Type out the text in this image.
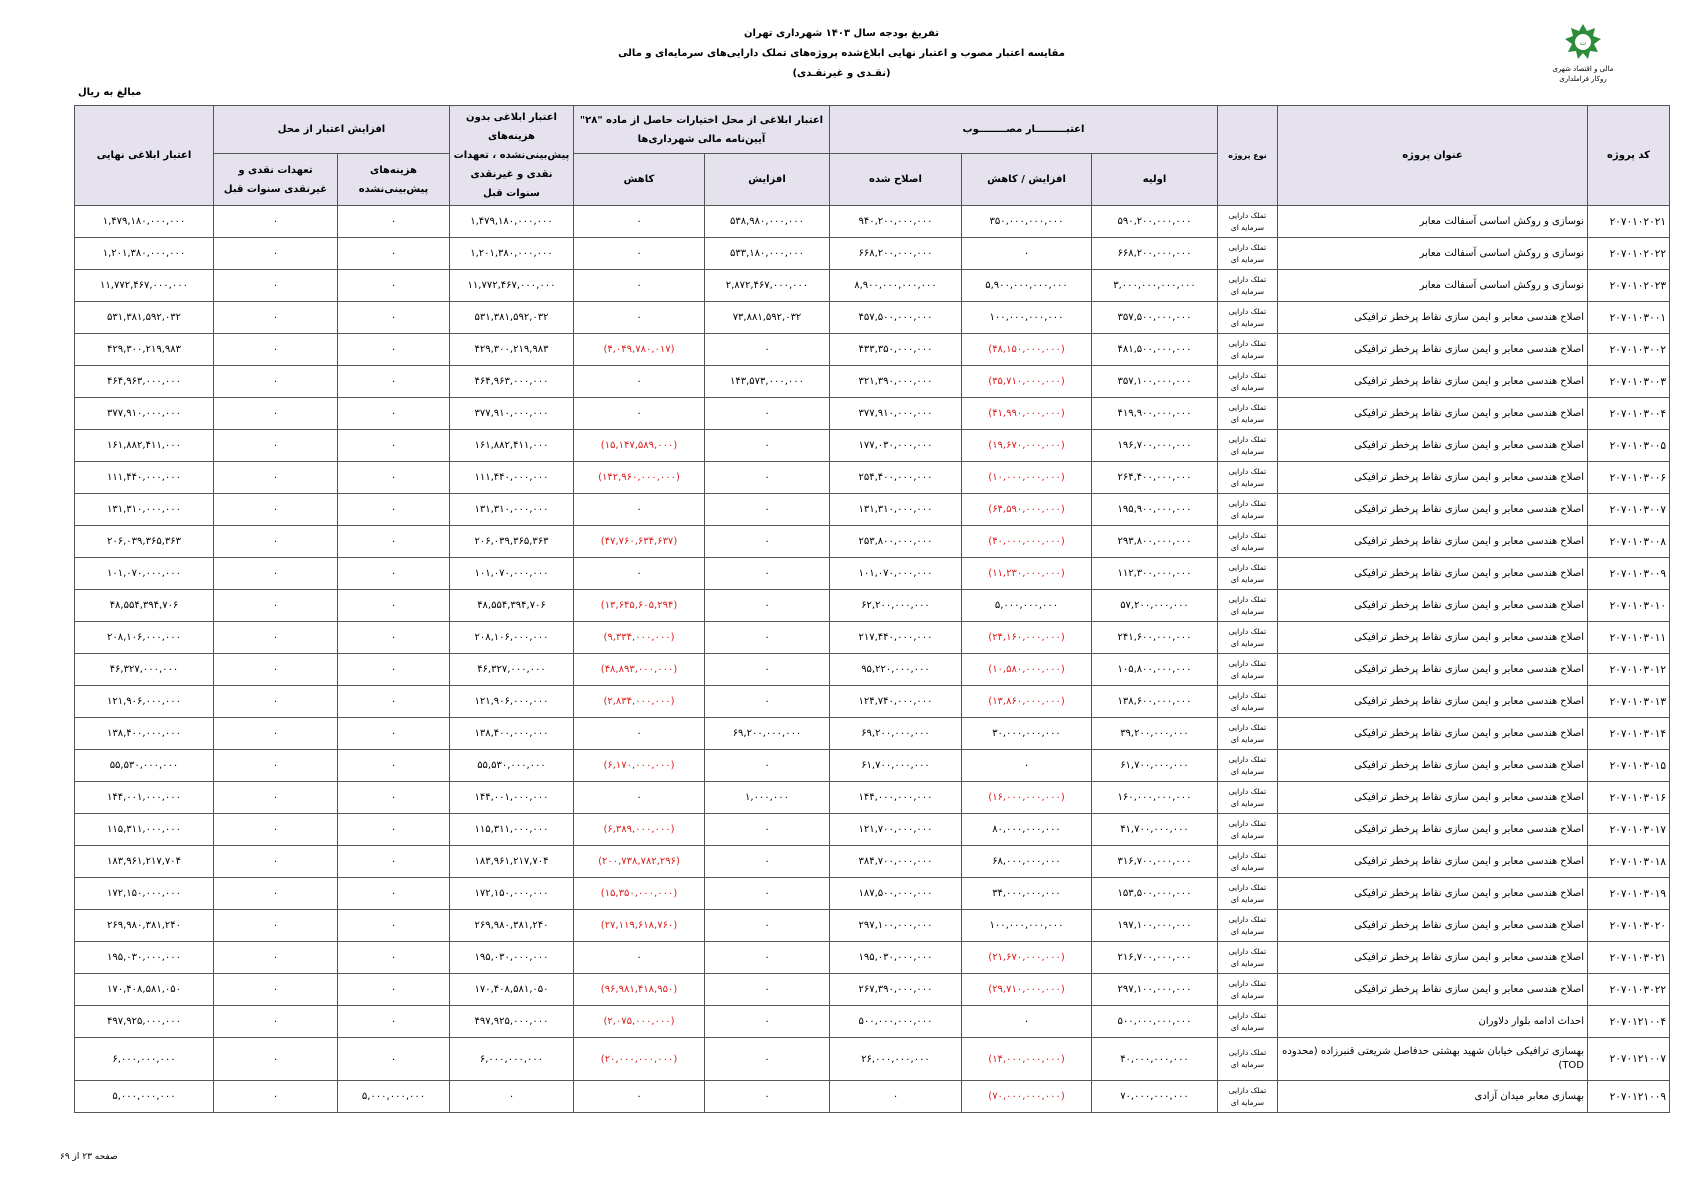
ت
مالی و اقتصاد شهری
روکار فراملداری
تفریغ بودجه سال ۱۴۰۳ شهرداری تهران
مقایسه اعتبار مصوب و اعتبار نهایی ابلاغ‌شده پروژه‌های تملک دارایی‌های سرمایه‌ای و مالی
(نقـدی و غیرنقـدی)
مبالغ به ریال
کد پروژه	عنوان پروژه	نوع پروژه	اعتبـــــــــار مصــــــــوب			اعتبار ابلاغی از محل اختیارات حاصل از ماده "۲۸" آیین‌نامه مالی شهرداری‌ها		اعتبار ابلاغی بدون هزینه‌های پیش‌بینی‌نشده ، تعهدات نقدی و غیرنقدی سنوات قبل	افزایش اعتبار از محل		اعتبار ابلاغی نهایی
			اولیه	افزایش / کاهش	اصلاح شده	افزایش	کاهش		هزینه‌های پیش‌بینی‌نشده	تعهدات نقدی و غیرنقدی سنوات قبل	
۲۰۷۰۱۰۲۰۲۱	نوسازی و روکش اساسی آسفالت معابر	تملک دارایی سرمایه ای	۵۹۰,۲۰۰,۰۰۰,۰۰۰	۳۵۰,۰۰۰,۰۰۰,۰۰۰	۹۴۰,۲۰۰,۰۰۰,۰۰۰	۵۳۸,۹۸۰,۰۰۰,۰۰۰	۰	۱,۴۷۹,۱۸۰,۰۰۰,۰۰۰	۰	۰	۱,۴۷۹,۱۸۰,۰۰۰,۰۰۰
۲۰۷۰۱۰۲۰۲۲	نوسازی و روکش اساسی آسفالت معابر	تملک دارایی سرمایه ای	۶۶۸,۲۰۰,۰۰۰,۰۰۰	۰	۶۶۸,۲۰۰,۰۰۰,۰۰۰	۵۳۳,۱۸۰,۰۰۰,۰۰۰	۰	۱,۲۰۱,۳۸۰,۰۰۰,۰۰۰	۰	۰	۱,۲۰۱,۳۸۰,۰۰۰,۰۰۰
۲۰۷۰۱۰۲۰۲۳	نوسازی و روکش اساسی آسفالت معابر	تملک دارایی سرمایه ای	۳,۰۰۰,۰۰۰,۰۰۰,۰۰۰	۵,۹۰۰,۰۰۰,۰۰۰,۰۰۰	۸,۹۰۰,۰۰۰,۰۰۰,۰۰۰	۲,۸۷۲,۴۶۷,۰۰۰,۰۰۰	۰	۱۱,۷۷۲,۴۶۷,۰۰۰,۰۰۰	۰	۰	۱۱,۷۷۲,۴۶۷,۰۰۰,۰۰۰
۲۰۷۰۱۰۳۰۰۱	اصلاح هندسی معابر و ایمن سازی نقاط پرخطر ترافیکی	تملک دارایی سرمایه ای	۳۵۷,۵۰۰,۰۰۰,۰۰۰	۱۰۰,۰۰۰,۰۰۰,۰۰۰	۴۵۷,۵۰۰,۰۰۰,۰۰۰	۷۳,۸۸۱,۵۹۲,۰۳۲	۰	۵۳۱,۳۸۱,۵۹۲,۰۳۲	۰	۰	۵۳۱,۳۸۱,۵۹۲,۰۳۲
۲۰۷۰۱۰۳۰۰۲	اصلاح هندسی معابر و ایمن سازی نقاط پرخطر ترافیکی	تملک دارایی سرمایه ای	۴۸۱,۵۰۰,۰۰۰,۰۰۰	(۴۸,۱۵۰,۰۰۰,۰۰۰)	۴۳۳,۳۵۰,۰۰۰,۰۰۰	۰	(۴,۰۴۹,۷۸۰,۰۱۷)	۴۲۹,۳۰۰,۲۱۹,۹۸۳	۰	۰	۴۲۹,۳۰۰,۲۱۹,۹۸۳
۲۰۷۰۱۰۳۰۰۳	اصلاح هندسی معابر و ایمن سازی نقاط پرخطر ترافیکی	تملک دارایی سرمایه ای	۳۵۷,۱۰۰,۰۰۰,۰۰۰	(۳۵,۷۱۰,۰۰۰,۰۰۰)	۳۲۱,۳۹۰,۰۰۰,۰۰۰	۱۴۳,۵۷۳,۰۰۰,۰۰۰	۰	۴۶۴,۹۶۳,۰۰۰,۰۰۰	۰	۰	۴۶۴,۹۶۳,۰۰۰,۰۰۰
۲۰۷۰۱۰۳۰۰۴	اصلاح هندسی معابر و ایمن سازی نقاط پرخطر ترافیکی	تملک دارایی سرمایه ای	۴۱۹,۹۰۰,۰۰۰,۰۰۰	(۴۱,۹۹۰,۰۰۰,۰۰۰)	۳۷۷,۹۱۰,۰۰۰,۰۰۰	۰	۰	۳۷۷,۹۱۰,۰۰۰,۰۰۰	۰	۰	۳۷۷,۹۱۰,۰۰۰,۰۰۰
۲۰۷۰۱۰۳۰۰۵	اصلاح هندسی معابر و ایمن سازی نقاط پرخطر ترافیکی	تملک دارایی سرمایه ای	۱۹۶,۷۰۰,۰۰۰,۰۰۰	(۱۹,۶۷۰,۰۰۰,۰۰۰)	۱۷۷,۰۳۰,۰۰۰,۰۰۰	۰	(۱۵,۱۴۷,۵۸۹,۰۰۰)	۱۶۱,۸۸۲,۴۱۱,۰۰۰	۰	۰	۱۶۱,۸۸۲,۴۱۱,۰۰۰
۲۰۷۰۱۰۳۰۰۶	اصلاح هندسی معابر و ایمن سازی نقاط پرخطر ترافیکی	تملک دارایی سرمایه ای	۲۶۴,۴۰۰,۰۰۰,۰۰۰	(۱۰,۰۰۰,۰۰۰,۰۰۰)	۲۵۴,۴۰۰,۰۰۰,۰۰۰	۰	(۱۴۲,۹۶۰,۰۰۰,۰۰۰)	۱۱۱,۴۴۰,۰۰۰,۰۰۰	۰	۰	۱۱۱,۴۴۰,۰۰۰,۰۰۰
۲۰۷۰۱۰۳۰۰۷	اصلاح هندسی معابر و ایمن سازی نقاط پرخطر ترافیکی	تملک دارایی سرمایه ای	۱۹۵,۹۰۰,۰۰۰,۰۰۰	(۶۴,۵۹۰,۰۰۰,۰۰۰)	۱۳۱,۳۱۰,۰۰۰,۰۰۰	۰	۰	۱۳۱,۳۱۰,۰۰۰,۰۰۰	۰	۰	۱۳۱,۳۱۰,۰۰۰,۰۰۰
۲۰۷۰۱۰۳۰۰۸	اصلاح هندسی معابر و ایمن سازی نقاط پرخطر ترافیکی	تملک دارایی سرمایه ای	۲۹۳,۸۰۰,۰۰۰,۰۰۰	(۴۰,۰۰۰,۰۰۰,۰۰۰)	۲۵۳,۸۰۰,۰۰۰,۰۰۰	۰	(۴۷,۷۶۰,۶۳۴,۶۳۷)	۲۰۶,۰۳۹,۳۶۵,۳۶۳	۰	۰	۲۰۶,۰۳۹,۳۶۵,۳۶۳
۲۰۷۰۱۰۳۰۰۹	اصلاح هندسی معابر و ایمن سازی نقاط پرخطر ترافیکی	تملک دارایی سرمایه ای	۱۱۲,۳۰۰,۰۰۰,۰۰۰	(۱۱,۲۳۰,۰۰۰,۰۰۰)	۱۰۱,۰۷۰,۰۰۰,۰۰۰	۰	۰	۱۰۱,۰۷۰,۰۰۰,۰۰۰	۰	۰	۱۰۱,۰۷۰,۰۰۰,۰۰۰
۲۰۷۰۱۰۳۰۱۰	اصلاح هندسی معابر و ایمن سازی نقاط پرخطر ترافیکی	تملک دارایی سرمایه ای	۵۷,۲۰۰,۰۰۰,۰۰۰	۵,۰۰۰,۰۰۰,۰۰۰	۶۲,۲۰۰,۰۰۰,۰۰۰	۰	(۱۳,۶۴۵,۶۰۵,۲۹۴)	۴۸,۵۵۴,۳۹۴,۷۰۶	۰	۰	۴۸,۵۵۴,۳۹۴,۷۰۶
۲۰۷۰۱۰۳۰۱۱	اصلاح هندسی معابر و ایمن سازی نقاط پرخطر ترافیکی	تملک دارایی سرمایه ای	۲۴۱,۶۰۰,۰۰۰,۰۰۰	(۲۴,۱۶۰,۰۰۰,۰۰۰)	۲۱۷,۴۴۰,۰۰۰,۰۰۰	۰	(۹,۳۳۴,۰۰۰,۰۰۰)	۲۰۸,۱۰۶,۰۰۰,۰۰۰	۰	۰	۲۰۸,۱۰۶,۰۰۰,۰۰۰
۲۰۷۰۱۰۳۰۱۲	اصلاح هندسی معابر و ایمن سازی نقاط پرخطر ترافیکی	تملک دارایی سرمایه ای	۱۰۵,۸۰۰,۰۰۰,۰۰۰	(۱۰,۵۸۰,۰۰۰,۰۰۰)	۹۵,۲۲۰,۰۰۰,۰۰۰	۰	(۴۸,۸۹۳,۰۰۰,۰۰۰)	۴۶,۳۲۷,۰۰۰,۰۰۰	۰	۰	۴۶,۳۲۷,۰۰۰,۰۰۰
۲۰۷۰۱۰۳۰۱۳	اصلاح هندسی معابر و ایمن سازی نقاط پرخطر ترافیکی	تملک دارایی سرمایه ای	۱۳۸,۶۰۰,۰۰۰,۰۰۰	(۱۳,۸۶۰,۰۰۰,۰۰۰)	۱۲۴,۷۴۰,۰۰۰,۰۰۰	۰	(۲,۸۳۴,۰۰۰,۰۰۰)	۱۲۱,۹۰۶,۰۰۰,۰۰۰	۰	۰	۱۲۱,۹۰۶,۰۰۰,۰۰۰
۲۰۷۰۱۰۳۰۱۴	اصلاح هندسی معابر و ایمن سازی نقاط پرخطر ترافیکی	تملک دارایی سرمایه ای	۳۹,۲۰۰,۰۰۰,۰۰۰	۳۰,۰۰۰,۰۰۰,۰۰۰	۶۹,۲۰۰,۰۰۰,۰۰۰	۶۹,۲۰۰,۰۰۰,۰۰۰	۰	۱۳۸,۴۰۰,۰۰۰,۰۰۰	۰	۰	۱۳۸,۴۰۰,۰۰۰,۰۰۰
۲۰۷۰۱۰۳۰۱۵	اصلاح هندسی معابر و ایمن سازی نقاط پرخطر ترافیکی	تملک دارایی سرمایه ای	۶۱,۷۰۰,۰۰۰,۰۰۰	۰	۶۱,۷۰۰,۰۰۰,۰۰۰	۰	(۶,۱۷۰,۰۰۰,۰۰۰)	۵۵,۵۳۰,۰۰۰,۰۰۰	۰	۰	۵۵,۵۳۰,۰۰۰,۰۰۰
۲۰۷۰۱۰۳۰۱۶	اصلاح هندسی معابر و ایمن سازی نقاط پرخطر ترافیکی	تملک دارایی سرمایه ای	۱۶۰,۰۰۰,۰۰۰,۰۰۰	(۱۶,۰۰۰,۰۰۰,۰۰۰)	۱۴۴,۰۰۰,۰۰۰,۰۰۰	۱,۰۰۰,۰۰۰	۰	۱۴۴,۰۰۱,۰۰۰,۰۰۰	۰	۰	۱۴۴,۰۰۱,۰۰۰,۰۰۰
۲۰۷۰۱۰۳۰۱۷	اصلاح هندسی معابر و ایمن سازی نقاط پرخطر ترافیکی	تملک دارایی سرمایه ای	۴۱,۷۰۰,۰۰۰,۰۰۰	۸۰,۰۰۰,۰۰۰,۰۰۰	۱۲۱,۷۰۰,۰۰۰,۰۰۰	۰	(۶,۳۸۹,۰۰۰,۰۰۰)	۱۱۵,۳۱۱,۰۰۰,۰۰۰	۰	۰	۱۱۵,۳۱۱,۰۰۰,۰۰۰
۲۰۷۰۱۰۳۰۱۸	اصلاح هندسی معابر و ایمن سازی نقاط پرخطر ترافیکی	تملک دارایی سرمایه ای	۳۱۶,۷۰۰,۰۰۰,۰۰۰	۶۸,۰۰۰,۰۰۰,۰۰۰	۳۸۴,۷۰۰,۰۰۰,۰۰۰	۰	(۲۰۰,۷۳۸,۷۸۲,۲۹۶)	۱۸۳,۹۶۱,۲۱۷,۷۰۴	۰	۰	۱۸۳,۹۶۱,۲۱۷,۷۰۴
۲۰۷۰۱۰۳۰۱۹	اصلاح هندسی معابر و ایمن سازی نقاط پرخطر ترافیکی	تملک دارایی سرمایه ای	۱۵۳,۵۰۰,۰۰۰,۰۰۰	۳۴,۰۰۰,۰۰۰,۰۰۰	۱۸۷,۵۰۰,۰۰۰,۰۰۰	۰	(۱۵,۳۵۰,۰۰۰,۰۰۰)	۱۷۲,۱۵۰,۰۰۰,۰۰۰	۰	۰	۱۷۲,۱۵۰,۰۰۰,۰۰۰
۲۰۷۰۱۰۳۰۲۰	اصلاح هندسی معابر و ایمن سازی نقاط پرخطر ترافیکی	تملک دارایی سرمایه ای	۱۹۷,۱۰۰,۰۰۰,۰۰۰	۱۰۰,۰۰۰,۰۰۰,۰۰۰	۲۹۷,۱۰۰,۰۰۰,۰۰۰	۰	(۲۷,۱۱۹,۶۱۸,۷۶۰)	۲۶۹,۹۸۰,۳۸۱,۲۴۰	۰	۰	۲۶۹,۹۸۰,۳۸۱,۲۴۰
۲۰۷۰۱۰۳۰۲۱	اصلاح هندسی معابر و ایمن سازی نقاط پرخطر ترافیکی	تملک دارایی سرمایه ای	۲۱۶,۷۰۰,۰۰۰,۰۰۰	(۲۱,۶۷۰,۰۰۰,۰۰۰)	۱۹۵,۰۳۰,۰۰۰,۰۰۰	۰	۰	۱۹۵,۰۳۰,۰۰۰,۰۰۰	۰	۰	۱۹۵,۰۳۰,۰۰۰,۰۰۰
۲۰۷۰۱۰۳۰۲۲	اصلاح هندسی معابر و ایمن سازی نقاط پرخطر ترافیکی	تملک دارایی سرمایه ای	۲۹۷,۱۰۰,۰۰۰,۰۰۰	(۲۹,۷۱۰,۰۰۰,۰۰۰)	۲۶۷,۳۹۰,۰۰۰,۰۰۰	۰	(۹۶,۹۸۱,۴۱۸,۹۵۰)	۱۷۰,۴۰۸,۵۸۱,۰۵۰	۰	۰	۱۷۰,۴۰۸,۵۸۱,۰۵۰
۲۰۷۰۱۲۱۰۰۴	احداث ادامه بلوار دلاوران	تملک دارایی سرمایه ای	۵۰۰,۰۰۰,۰۰۰,۰۰۰	۰	۵۰۰,۰۰۰,۰۰۰,۰۰۰	۰	(۲,۰۷۵,۰۰۰,۰۰۰)	۴۹۷,۹۲۵,۰۰۰,۰۰۰	۰	۰	۴۹۷,۹۲۵,۰۰۰,۰۰۰
۲۰۷۰۱۲۱۰۰۷	بهسازی ترافیکی خیابان شهید بهشتی حدفاصل شریعتی قنبرزاده (محدوده TOD)	تملک دارایی سرمایه ای	۴۰,۰۰۰,۰۰۰,۰۰۰	(۱۴,۰۰۰,۰۰۰,۰۰۰)	۲۶,۰۰۰,۰۰۰,۰۰۰	۰	(۲۰,۰۰۰,۰۰۰,۰۰۰)	۶,۰۰۰,۰۰۰,۰۰۰	۰	۰	۶,۰۰۰,۰۰۰,۰۰۰
۲۰۷۰۱۲۱۰۰۹	بهسازی معابر میدان آزادی	تملک دارایی سرمایه ای	۷۰,۰۰۰,۰۰۰,۰۰۰	(۷۰,۰۰۰,۰۰۰,۰۰۰)	۰	۰	۰	۰	۵,۰۰۰,۰۰۰,۰۰۰	۰	۵,۰۰۰,۰۰۰,۰۰۰
صفحه ۲۳ از ۶۹
